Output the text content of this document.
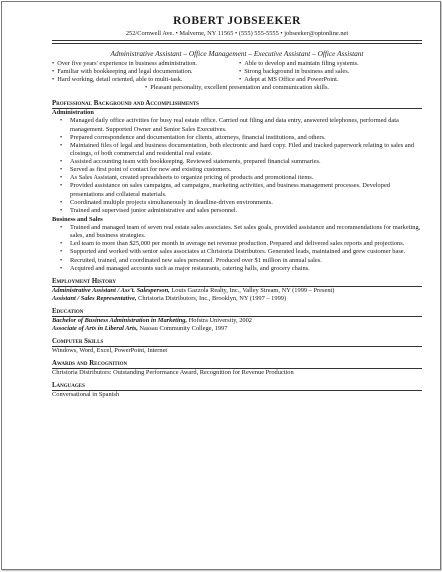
ROBERT JOBSEEKER
252/Cornwell Ave. • Malverne, NY 11565 • (555) 555-5555 • jobseeker@optonline.net
Administrative Assistant – Office Management – Executive Assistant – Office Assistant
• Over five years' experience in business administration.
• Familiar with bookkeeping and legal documentation.
• Hard working, detail oriented, able to multi-task.
• Able to develop and maintain filing systems.
• Strong background in business and sales.
• Adept at MS Office and PowerPoint.
• Pleasant personality, excellent presentation and communication skills.
Professional Background and Accomplishments
Administration
• Managed daily office activities for busy real estate office. Carried out filing and data entry, answered telephones, performed data management. Supported Owner and Senior Sales Executives.
• Prepared correspondence and documentation for clients, attorneys, financial institutions, and others.
• Maintained files of legal and business documentation, both electronic and hard copy. Filed and tracked paperwork relating to sales and closings, of both commercial and residential real estate.
• Assisted accounting team with bookkeeping. Reviewed statements, prepared financial summaries.
• Served as first point of contact for new and existing customers.
• As Sales Assistant, created spreadsheets to organize pricing of products and promotional items.
• Provided assistance on sales campaigns, ad campaigns, marketing activities, and business management processes. Developed presentations and collateral materials.
• Coordinated multiple projects simultaneously in deadline-driven environments.
• Trained and supervised junior administrative and sales personnel.
Business and Sales
• Trained and managed team of seven real estate sales associates. Set sales goals, provided assistance and recommendations for marketing, sales, and business strategies.
• Led team to more than $25,000 per month in average net revenue production. Prepared and delivered sales reports and projections.
• Supported and worked with senior sales associates at Christoria Distributors. Generated leads, maintained and grew customer base.
• Recruited, trained, and coordinated new sales personnel. Produced over $1 million in annual sales.
• Acquired and managed accounts such as major restaurants, catering halls, and grocery chains.
Employment History
Administrative Assistant / Ass't. Salesperson, Louis Gazzola Realty, Inc., Valley Stream, NY (1999 – Present)
Assistant / Sales Representative, Christoria Distributors, Inc., Brooklyn, NY (1997 – 1999)
Education
Bachelor of Business Administration in Marketing, Hofstra University, 2002
Associate of Arts in Liberal Arts, Nassau Community College, 1997
Computer Skills
Windows, Word, Excel, PowerPoint, Internet
Awards and Recognition
Christoria Distributors: Outstanding Performance Award, Recognition for Revenue Production
Languages
Conversational in Spanish
